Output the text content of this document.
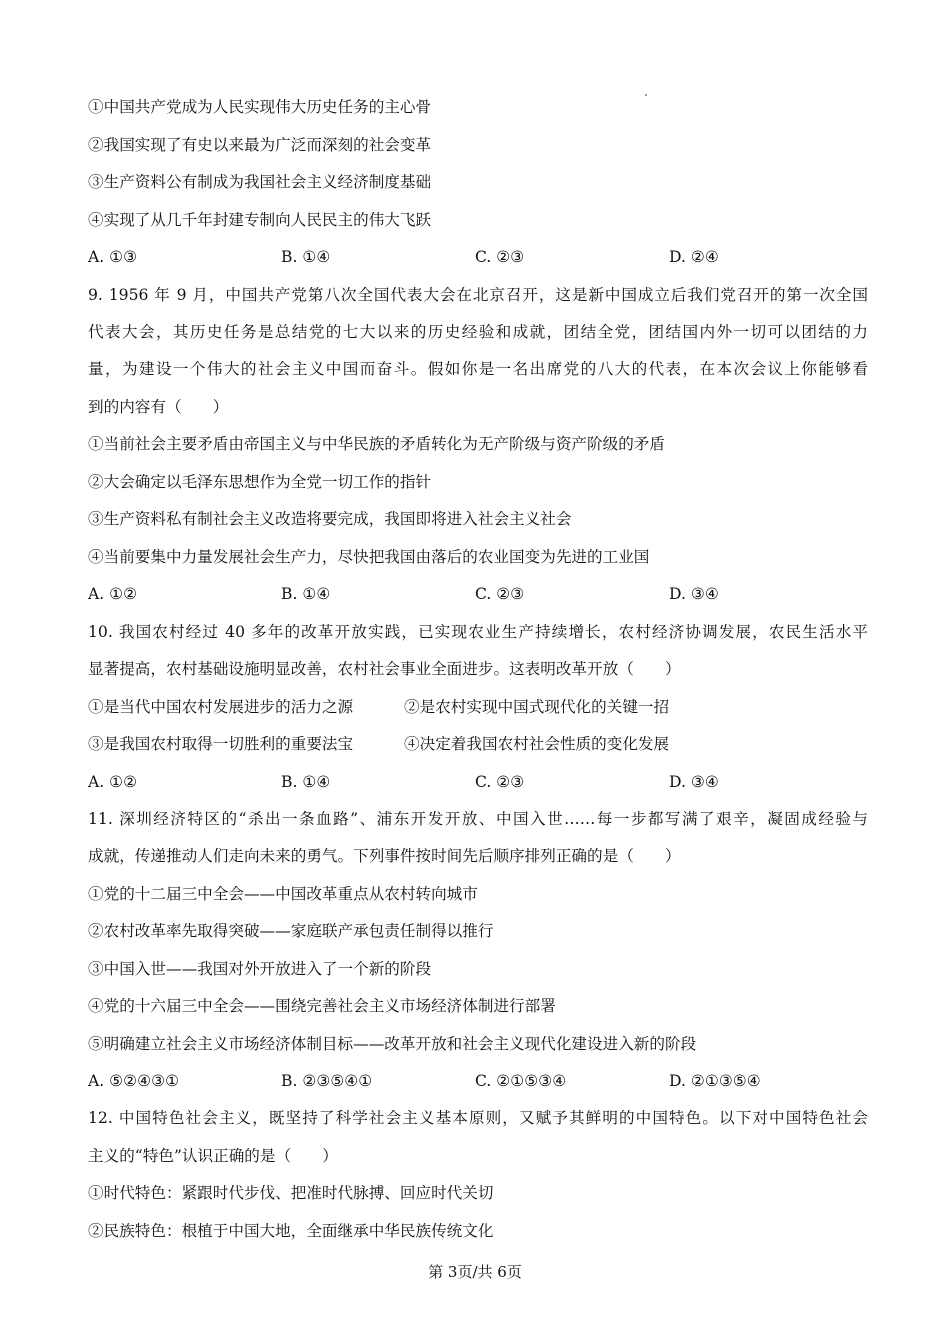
①中国共产党成为人民实现伟大历史任务的主心骨
②我国实现了有史以来最为广泛而深刻的社会变革
③生产资料公有制成为我国社会主义经济制度基础
④实现了从几千年封建专制向人民民主的伟大飞跃
A. ①③	B. ①④	C. ②③	D. ②④
9. 1956 年 9 月，中国共产党第八次全国代表大会在北京召开，这是新中国成立后我们党召开的第一次全国
代表大会，其历史任务是总结党的七大以来的历史经验和成就，团结全党，团结国内外一切可以团结的力
量，为建设一个伟大的社会主义中国而奋斗。假如你是一名出席党的八大的代表，在本次会议上你能够看
到的内容有（　　）
①当前社会主要矛盾由帝国主义与中华民族的矛盾转化为无产阶级与资产阶级的矛盾
②大会确定以毛泽东思想作为全党一切工作的指针
③生产资料私有制社会主义改造将要完成，我国即将进入社会主义社会
④当前要集中力量发展社会生产力，尽快把我国由落后的农业国变为先进的工业国
A. ①②	B. ①④	C. ②③	D. ③④
10. 我国农村经过 40 多年的改革开放实践，已实现农业生产持续增长，农村经济协调发展，农民生活水平
显著提高，农村基础设施明显改善，农村社会事业全面进步。这表明改革开放（　　）
①是当代中国农村发展进步的活力之源	②是农村实现中国式现代化的关键一招
③是我国农村取得一切胜利的重要法宝	④决定着我国农村社会性质的变化发展
A. ①②	B. ①④	C. ②③	D. ③④
11. 深圳经济特区的“杀出一条血路”、浦东开发开放、中国入世……每一步都写满了艰辛，凝固成经验与
成就，传递推动人们走向未来的勇气。下列事件按时间先后顺序排列正确的是（　　）
①党的十二届三中全会——中国改革重点从农村转向城市
②农村改革率先取得突破——家庭联产承包责任制得以推行
③中国入世——我国对外开放进入了一个新的阶段
④党的十六届三中全会——围绕完善社会主义市场经济体制进行部署
⑤明确建立社会主义市场经济体制目标——改革开放和社会主义现代化建设进入新的阶段
A. ⑤②④③①	B. ②③⑤④①	C. ②①⑤③④	D. ②①③⑤④
12. 中国特色社会主义，既坚持了科学社会主义基本原则，又赋予其鲜明的中国特色。以下对中国特色社会
主义的“特色”认识正确的是（　　）
①时代特色：紧跟时代步伐、把准时代脉搏、回应时代关切
②民族特色：根植于中国大地，全面继承中华民族传统文化
第 3页/共 6页
